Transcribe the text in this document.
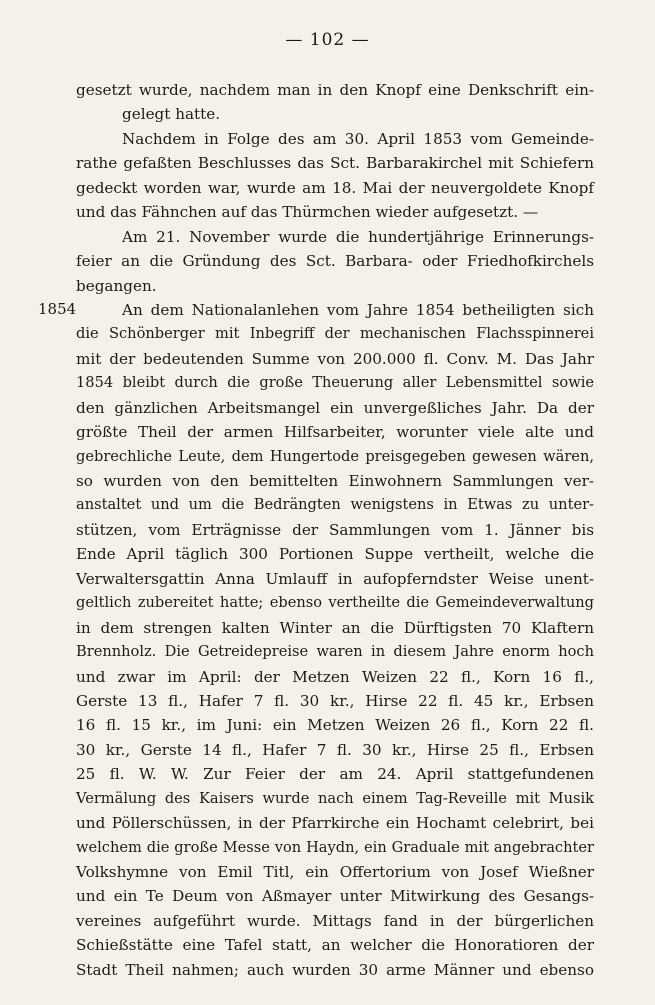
— 102 —
1854
gesetzt wurde, nachdem man in den Knopf eine Denkschrift ein-
gelegt hatte.
Nachdem in Folge des am 30. April 1853 vom Gemeinde-
rathe gefaßten Beschlusses das Sct. Barbarakirchel mit Schiefern
gedeckt worden war, wurde am 18. Mai der neuvergoldete Knopf
und das Fähnchen auf das Thürmchen wieder aufgesetzt. —
Am 21. November wurde die hundertjährige Erinnerungs-
feier an die Gründung des Sct. Barbara- oder Friedhofkirchels
begangen.
An dem Nationalanlehen vom Jahre 1854 betheiligten sich
die Schönberger mit Inbegriff der mechanischen Flachsspinnerei
mit der bedeutenden Summe von 200.000 fl. Conv. M. Das Jahr
1854 bleibt durch die große Theuerung aller Lebensmittel sowie
den gänzlichen Arbeitsmangel ein unvergeßliches Jahr. Da der
größte Theil der armen Hilfsarbeiter, worunter viele alte und
gebrechliche Leute, dem Hungertode preisgegeben gewesen wären,
so wurden von den bemittelten Einwohnern Sammlungen ver-
anstaltet und um die Bedrängten wenigstens in Etwas zu unter-
stützen, vom Erträgnisse der Sammlungen vom 1. Jänner bis
Ende April täglich 300 Portionen Suppe vertheilt, welche die
Verwaltersgattin Anna Umlauff in aufopferndster Weise unent-
geltlich zubereitet hatte; ebenso vertheilte die Gemeindeverwaltung
in dem strengen kalten Winter an die Dürftigsten 70 Klaftern
Brennholz. Die Getreidepreise waren in diesem Jahre enorm hoch
und zwar im April: der Metzen Weizen 22 fl., Korn 16 fl.,
Gerste 13 fl., Hafer 7 fl. 30 kr., Hirse 22 fl. 45 kr., Erbsen
16 fl. 15 kr., im Juni: ein Metzen Weizen 26 fl., Korn 22 fl.
30 kr., Gerste 14 fl., Hafer 7 fl. 30 kr., Hirse 25 fl., Erbsen
25 fl. W. W. Zur Feier der am 24. April stattgefundenen
Vermälung des Kaisers wurde nach einem Tag-Reveille mit Musik
und Pöllerschüssen, in der Pfarrkirche ein Hochamt celebrirt, bei
welchem die große Messe von Haydn, ein Graduale mit angebrachter
Volkshymne von Emil Titl, ein Offertorium von Josef Wießner
und ein Te Deum von Aßmayer unter Mitwirkung des Gesangs-
vereines aufgeführt wurde. Mittags fand in der bürgerlichen
Schießstätte eine Tafel statt, an welcher die Honoratioren der
Stadt Theil nahmen; auch wurden 30 arme Männer und ebenso
